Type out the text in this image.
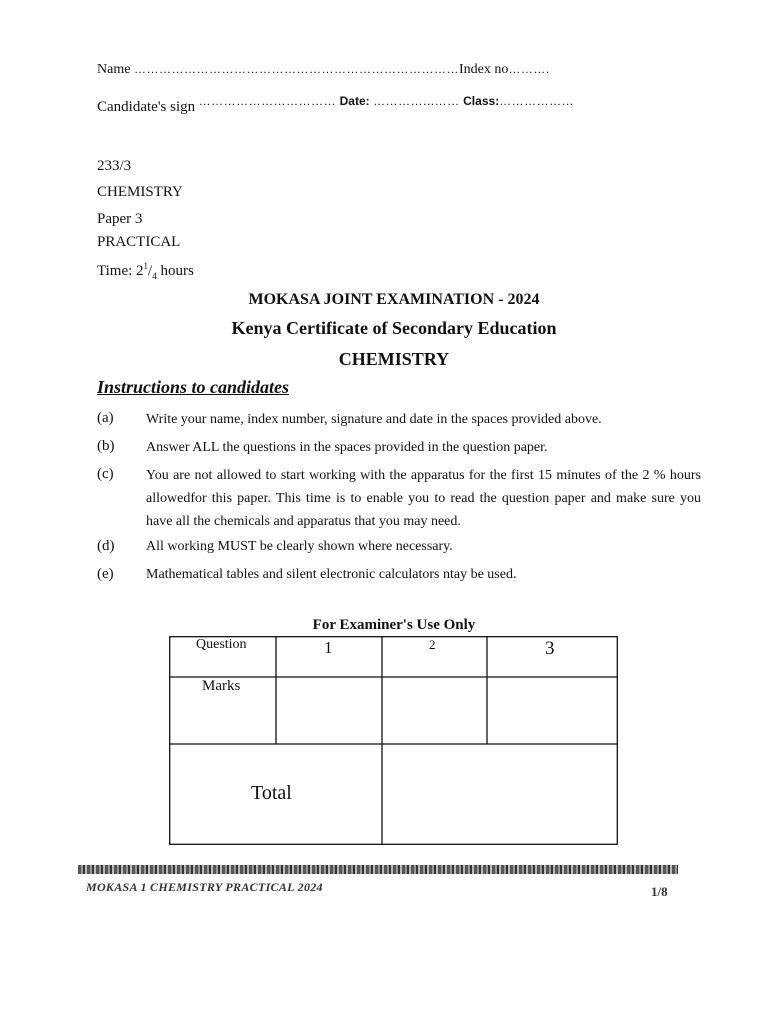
Name ……………………………………………………………………Index no……….
Candidate's sign …………………………… Date: …………...…… Class:………………
233/3
CHEMISTRY
Paper 3
PRACTICAL
Time: $2^1/_4$ hours
MOKASA JOINT EXAMINATION - 2024
Kenya Certificate of Secondary Education
CHEMISTRY
Instructions to candidates
(a) Write your name, index number, signature and date in the spaces provided above.
(b) Answer ALL the questions in the spaces provided in the question paper.
(c) You are not allowed to start working with the apparatus for the first 15 minutes of the 2 % hours allowedfor this paper. This time is to enable you to read the question paper and make sure you have all the chemicals and apparatus that you may need.
(d) All working MUST be clearly shown where necessary.
(e) Mathematical tables and silent electronic calculators ntay be used.
For Examiner's Use Only
Question	1	2	3
Marks
Total
MOKASA 1 CHEMISTRY PRACTICAL 2024	1/8
